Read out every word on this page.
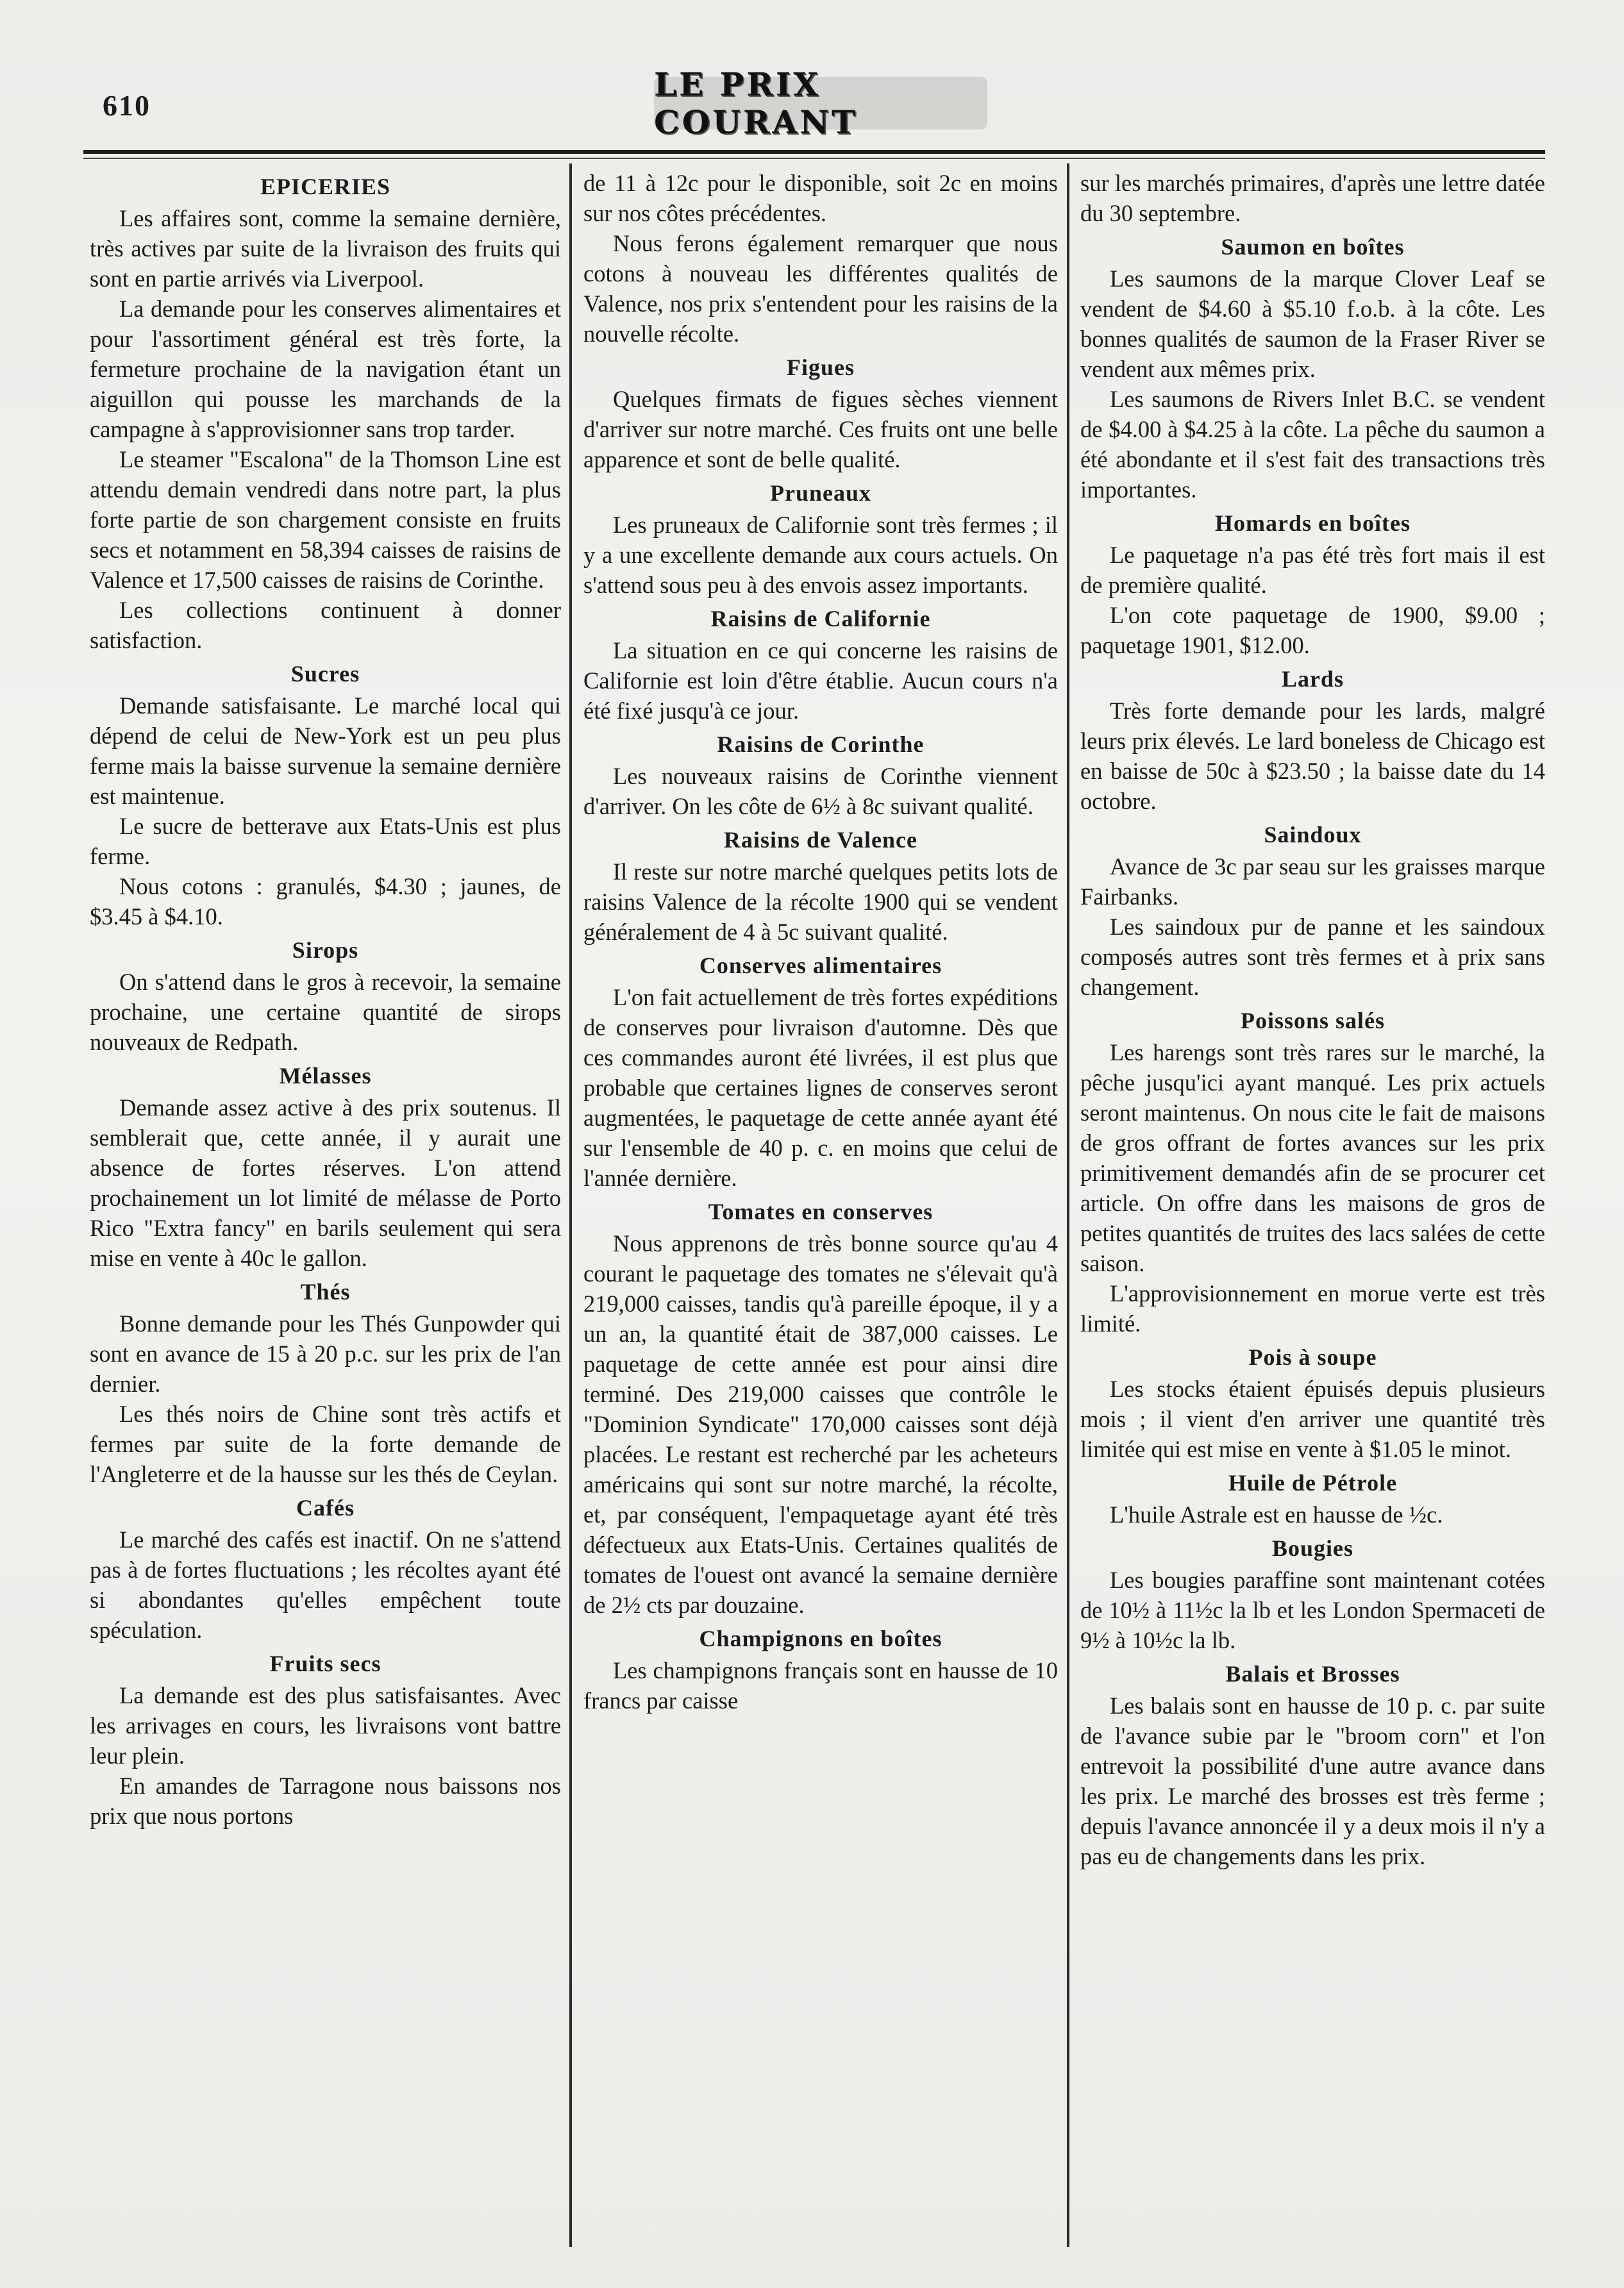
610
LE PRIX COURANT
EPICERIES

Les affaires sont, comme la semaine dernière, très actives par suite de la livraison des fruits qui sont en partie arrivés via Liverpool.

La demande pour les conserves alimentaires et pour l'assortiment général est très forte, la fermeture prochaine de la navigation étant un aiguillon qui pousse les marchands de la campagne à s'approvisionner sans trop tarder.

Le steamer "Escalona" de la Thomson Line est attendu demain vendredi dans notre part, la plus forte partie de son chargement consiste en fruits secs et notamment en 58,394 caisses de raisins de Valence et 17,500 caisses de raisins de Corinthe.

Les collections continuent à donner satisfaction.

Sucres

Demande satisfaisante. Le marché local qui dépend de celui de New-York est un peu plus ferme mais la baisse survenue la semaine dernière est maintenue.

Le sucre de betterave aux Etats-Unis est plus ferme.

Nous cotons : granulés, $4.30 ; jaunes, de $3.45 à $4.10.

Sirops

On s'attend dans le gros à recevoir, la semaine prochaine, une certaine quantité de sirops nouveaux de Redpath.

Mélasses

Demande assez active à des prix soutenus. Il semblerait que, cette année, il y aurait une absence de fortes réserves. L'on attend prochainement un lot limité de mélasse de Porto Rico "Extra fancy" en barils seulement qui sera mise en vente à 40c le gallon.

Thés

Bonne demande pour les Thés Gunpowder qui sont en avance de 15 à 20 p.c. sur les prix de l'an dernier.

Les thés noirs de Chine sont très actifs et fermes par suite de la forte demande de l'Angleterre et de la hausse sur les thés de Ceylan.

Cafés

Le marché des cafés est inactif. On ne s'attend pas à de fortes fluctuations ; les récoltes ayant été si abondantes qu'elles empêchent toute spéculation.

Fruits secs

La demande est des plus satisfaisantes. Avec les arrivages en cours, les livraisons vont battre leur plein.

En amandes de Tarragone nous baissons nos prix que nous portons

de 11 à 12c pour le disponible, soit 2c en moins sur nos côtes précédentes.

Nous ferons également remarquer que nous cotons à nouveau les différentes qualités de Valence, nos prix s'entendent pour les raisins de la nouvelle récolte.

Figues

Quelques firmats de figues sèches viennent d'arriver sur notre marché. Ces fruits ont une belle apparence et sont de belle qualité.

Pruneaux

Les pruneaux de Californie sont très fermes ; il y a une excellente demande aux cours actuels. On s'attend sous peu à des envois assez importants.

Raisins de Californie

La situation en ce qui concerne les raisins de Californie est loin d'être établie. Aucun cours n'a été fixé jusqu'à ce jour.

Raisins de Corinthe

Les nouveaux raisins de Corinthe viennent d'arriver. On les côte de 6½ à 8c suivant qualité.

Raisins de Valence

Il reste sur notre marché quelques petits lots de raisins Valence de la récolte 1900 qui se vendent généralement de 4 à 5c suivant qualité.

Conserves alimentaires

L'on fait actuellement de très fortes expéditions de conserves pour livraison d'automne. Dès que ces commandes auront été livrées, il est plus que probable que certaines lignes de conserves seront augmentées, le paquetage de cette année ayant été sur l'ensemble de 40 p. c. en moins que celui de l'année dernière.

Tomates en conserves

Nous apprenons de très bonne source qu'au 4 courant le paquetage des tomates ne s'élevait qu'à 219,000 caisses, tandis qu'à pareille époque, il y a un an, la quantité était de 387,000 caisses. Le paquetage de cette année est pour ainsi dire terminé. Des 219,000 caisses que contrôle le "Dominion Syndicate" 170,000 caisses sont déjà placées. Le restant est recherché par les acheteurs américains qui sont sur notre marché, la récolte, et, par conséquent, l'empaquetage ayant été très défectueux aux Etats-Unis. Certaines qualités de tomates de l'ouest ont avancé la semaine dernière de 2½ cts par douzaine.

Champignons en boîtes

Les champignons français sont en hausse de 10 francs par caisse

sur les marchés primaires, d'après une lettre datée du 30 septembre.

Saumon en boîtes

Les saumons de la marque Clover Leaf se vendent de $4.60 à $5.10 f.o.b. à la côte. Les bonnes qualités de saumon de la Fraser River se vendent aux mêmes prix.

Les saumons de Rivers Inlet B.C. se vendent de $4.00 à $4.25 à la côte. La pêche du saumon a été abondante et il s'est fait des transactions très importantes.

Homards en boîtes

Le paquetage n'a pas été très fort mais il est de première qualité.

L'on cote paquetage de 1900, $9.00 ; paquetage 1901, $12.00.

Lards

Très forte demande pour les lards, malgré leurs prix élevés. Le lard boneless de Chicago est en baisse de 50c à $23.50 ; la baisse date du 14 octobre.

Saindoux

Avance de 3c par seau sur les graisses marque Fairbanks.

Les saindoux pur de panne et les saindoux composés autres sont très fermes et à prix sans changement.

Poissons salés

Les harengs sont très rares sur le marché, la pêche jusqu'ici ayant manqué. Les prix actuels seront maintenus. On nous cite le fait de maisons de gros offrant de fortes avances sur les prix primitivement demandés afin de se procurer cet article. On offre dans les maisons de gros de petites quantités de truites des lacs salées de cette saison.

L'approvisionnement en morue verte est très limité.

Pois à soupe

Les stocks étaient épuisés depuis plusieurs mois ; il vient d'en arriver une quantité très limitée qui est mise en vente à $1.05 le minot.

Huile de Pétrole

L'huile Astrale est en hausse de ½c.

Bougies

Les bougies paraffine sont maintenant cotées de 10½ à 11½c la lb et les London Spermaceti de 9½ à 10½c la lb.

Balais et Brosses

Les balais sont en hausse de 10 p. c. par suite de l'avance subie par le "broom corn" et l'on entrevoit la possibilité d'une autre avance dans les prix. Le marché des brosses est très ferme ; depuis l'avance annoncée il y a deux mois il n'y a pas eu de changements dans les prix.
